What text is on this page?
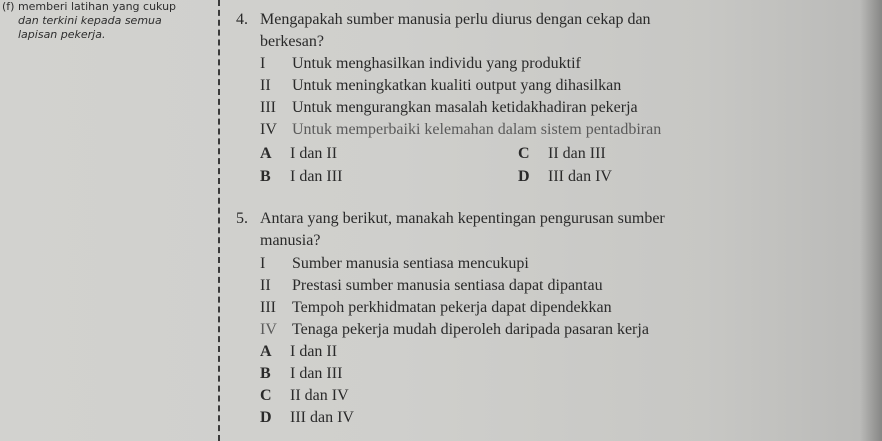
(f) memberi latihan yang cukup
dan terkini kepada semua
lapisan pekerja.
4. Mengapakah sumber manusia perlu diurus dengan cekap dan
berkesan?
I Untuk menghasilkan individu yang produktif
II Untuk meningkatkan kualiti output yang dihasilkan
III Untuk mengurangkan masalah ketidakhadiran pekerja
IV Untuk memperbaiki kelemahan dalam sistem pentadbiran
A I dan II	C II dan III
B I dan III	D III dan IV
5. Antara yang berikut, manakah kepentingan pengurusan sumber
manusia?
I Sumber manusia sentiasa mencukupi
II Prestasi sumber manusia sentiasa dapat dipantau
III Tempoh perkhidmatan pekerja dapat dipendekkan
IV Tenaga pekerja mudah diperoleh daripada pasaran kerja
A I dan II
B I dan III
C II dan IV
D III dan IV
